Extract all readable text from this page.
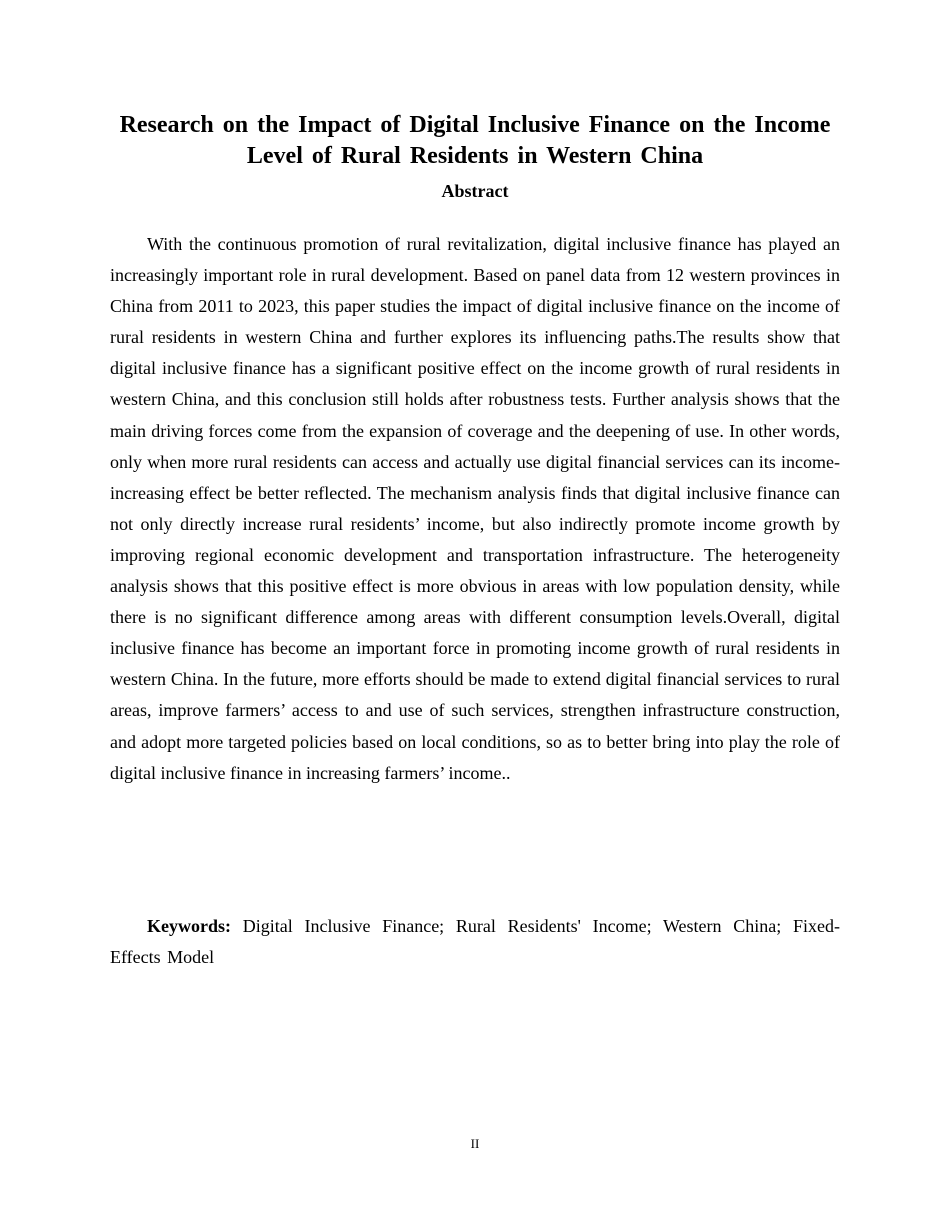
Research on the Impact of Digital Inclusive Finance on the Income Level of Rural Residents in Western China
Abstract

With the continuous promotion of rural revitalization, digital inclusive finance has played an increasingly important role in rural development. Based on panel data from 12 western provinces in China from 2011 to 2023, this paper studies the impact of digital inclusive finance on the income of rural residents in western China and further explores its influencing paths.The results show that digital inclusive finance has a significant positive effect on the income growth of rural residents in western China, and this conclusion still holds after robustness tests. Further analysis shows that the main driving forces come from the expansion of coverage and the deepening of use. In other words, only when more rural residents can access and actually use digital financial services can its income-increasing effect be better reflected. The mechanism analysis finds that digital inclusive finance can not only directly increase rural residents’ income, but also indirectly promote income growth by improving regional economic development and transportation infrastructure. The heterogeneity analysis shows that this positive effect is more obvious in areas with low population density, while there is no significant difference among areas with different consumption levels.Overall, digital inclusive finance has become an important force in promoting income growth of rural residents in western China. In the future, more efforts should be made to extend digital financial services to rural areas, improve farmers’ access to and use of such services, strengthen infrastructure construction, and adopt more targeted policies based on local conditions, so as to better bring into play the role of digital inclusive finance in increasing farmers’ income..

Keywords: Digital Inclusive Finance; Rural Residents' Income; Western China; Fixed-Effects Model

II
